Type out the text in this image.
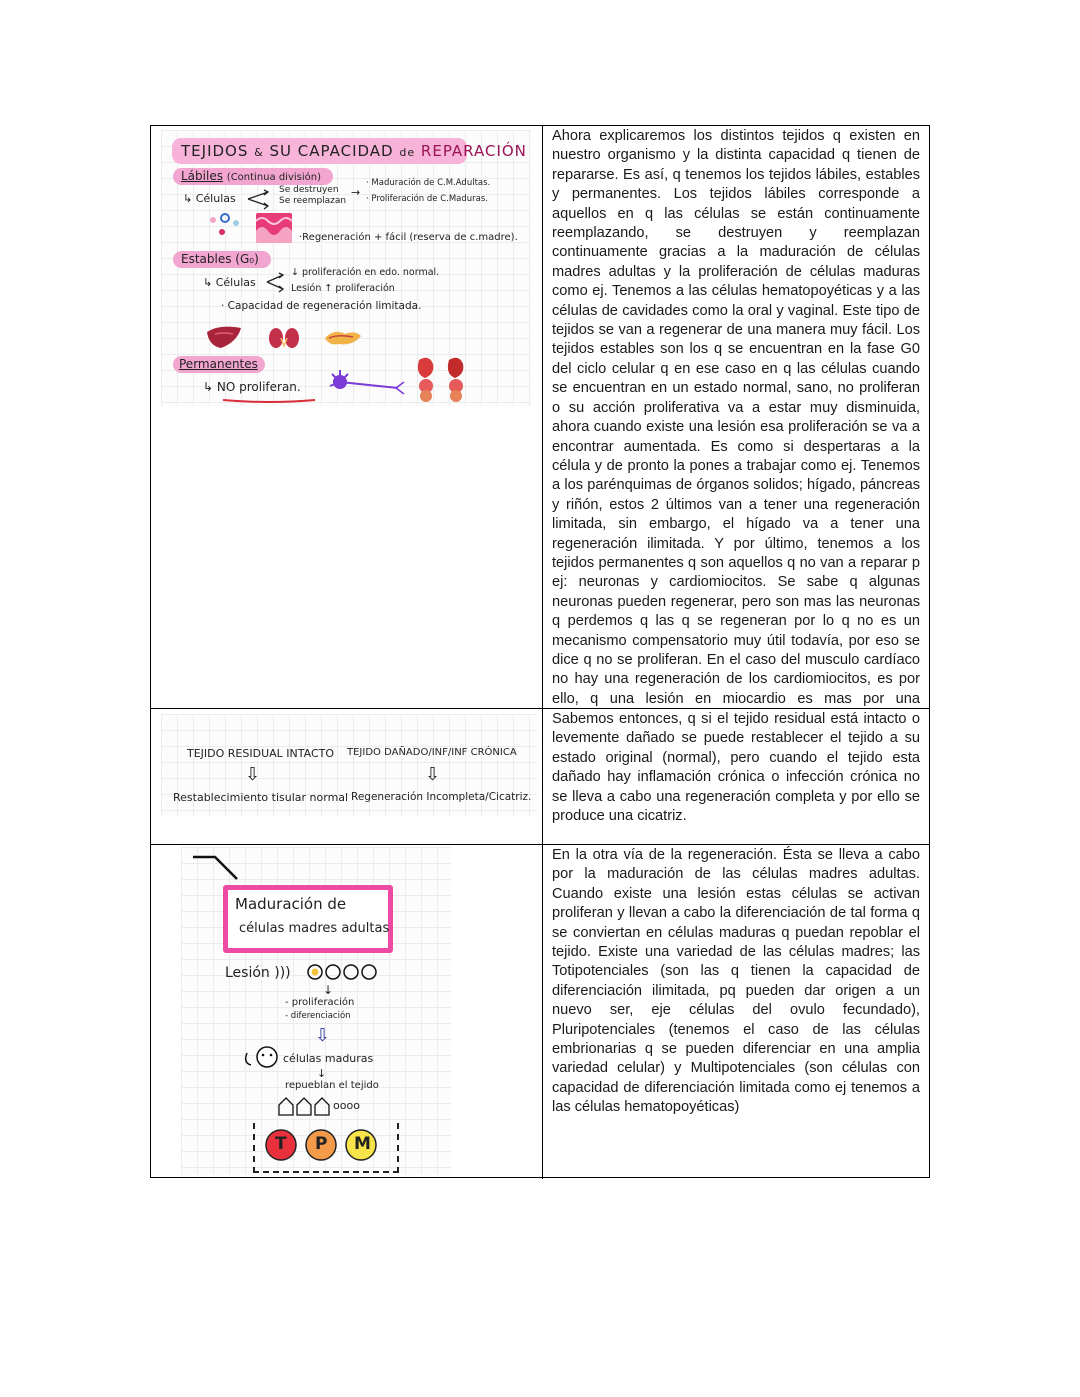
TEJIDOS & SU CAPACIDAD de REPARACIÓN
Lábiles (Continua división)
↳ Células
Se destruyen
Se reemplazan
→
· Maduración de C.M.Adultas.
· Proliferación de C.Maduras.
·Regeneración + fácil (reserva de c.madre).
Estables (G₀)
↳ Células
↓ proliferación en edo. normal.
Lesión ↑ proliferación
· Capacidad de regeneración limitada.
Permanentes
↳ NO proliferan.

Ahora explicaremos los distintos tejidos q existen en nuestro organismo y la distinta capacidad q tienen de repararse. Es así, q tenemos los tejidos lábiles, estables y permanentes. Los tejidos lábiles corresponde a aquellos en q las células se están continuamente reemplazando, se destruyen y reemplazan continuamente gracias a la maduración de células madres adultas y la proliferación de células maduras como ej. Tenemos a las células hematopoyéticas y a las células de cavidades como la oral y vaginal. Este tipo de tejidos se van a regenerar de una manera muy fácil. Los tejidos estables son los q se encuentran en la fase G0 del ciclo celular q en ese caso en q las células cuando se encuentran en un estado normal, sano, no proliferan o su acción proliferativa va a estar muy disminuida, ahora cuando existe una lesión esa proliferación se va a encontrar aumentada. Es como si despertaras a la célula y de pronto la pones a trabajar como ej. Tenemos a los parénquimas de órganos solidos; hígado, páncreas y riñón, estos 2 últimos van a tener una regeneración limitada, sin embargo, el hígado va a tener una regeneración ilimitada. Y por último, tenemos a los tejidos permanentes q son aquellos q no van a reparar p ej: neuronas y cardiomiocitos. Se sabe q algunas neuronas pueden regenerar, pero son mas las neuronas q perdemos q las q se regeneran por lo q no es un mecanismo compensatorio muy útil todavía, por eso se dice q no se proliferan. En el caso del musculo cardíaco no hay una regeneración de los cardiomiocitos, es por ello, q una lesión en miocardio es mas por una

TEJIDO RESIDUAL INTACTO
⇩
Restablecimiento tisular normal
TEJIDO DAÑADO/INF/INF CRÓNICA
⇩
Regeneración Incompleta/Cicatriz.

Sabemos entonces, q si el tejido residual está intacto o levemente dañado se puede restablecer el tejido a su estado original (normal), pero cuando el tejido esta dañado hay inflamación crónica o infección crónica no se lleva a cabo una regeneración completa y por ello se produce una cicatriz.

Maduración de
células madres adultas
Lesión )))
↓
- proliferación
- diferenciación
⇩
células maduras
↓
repueblan el tejido
oooo
T P M

En la otra vía de la regeneración. Ésta se lleva a cabo por la maduración de las células madres adultas. Cuando existe una lesión estas células se activan proliferan y llevan a cabo la diferenciación de tal forma q se conviertan en células maduras q puedan repoblar el tejido. Existe una variedad de las células madres; las Totipotenciales (son las q tienen la capacidad de diferenciación ilimitada, pq pueden dar origen a un nuevo ser, eje células del ovulo fecundado), Pluripotenciales (tenemos el caso de las células embrionarias q se pueden diferenciar en una amplia variedad celular) y Multipotenciales (son células con capacidad de diferenciación limitada como ej tenemos a las células hematopoyéticas)
